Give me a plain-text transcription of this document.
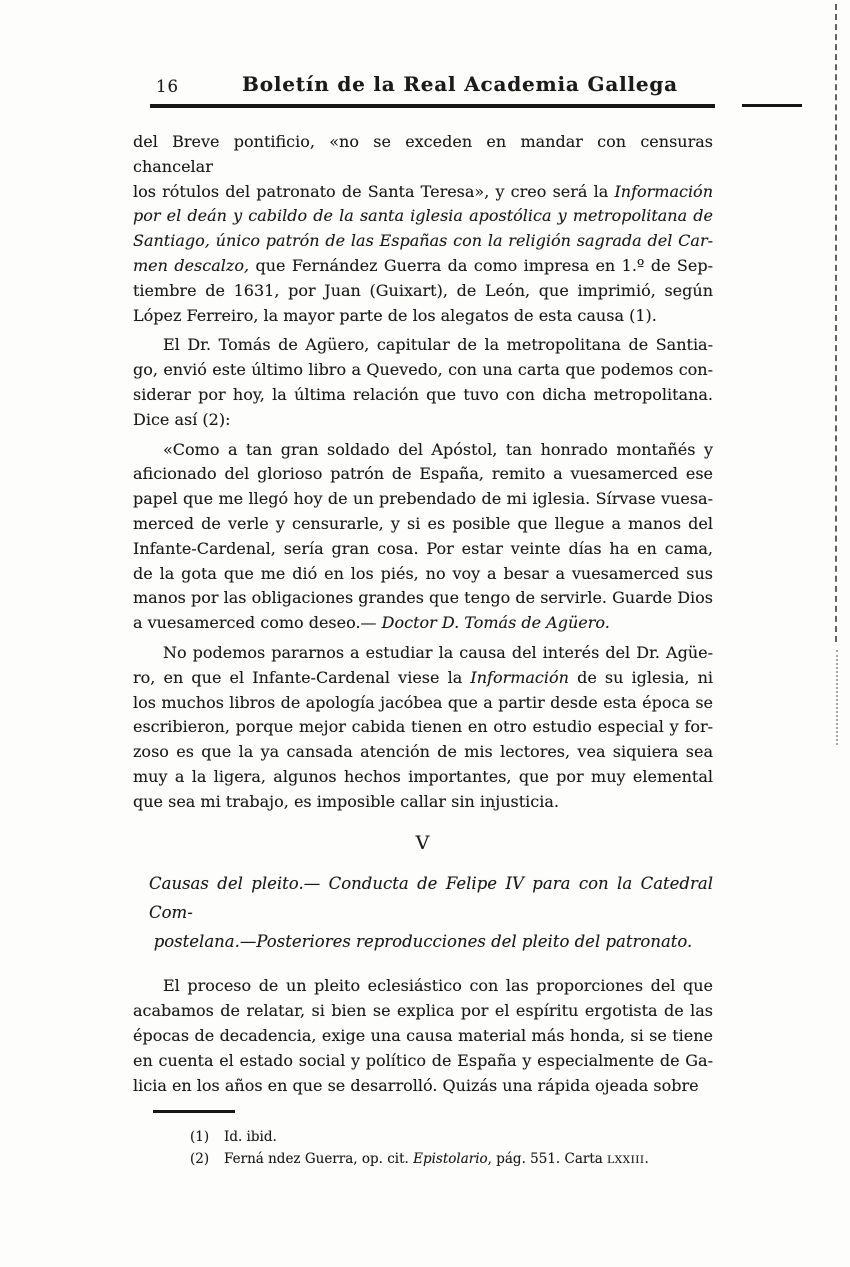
16	Boletín de la Real Academia Gallega
del Breve pontificio, «no se exceden en mandar con censuras chancelar
los rótulos del patronato de Santa Teresa», y creo será la Información
por el deán y cabildo de la santa iglesia apostólica y metropolitana de
Santiago, único patrón de las Españas con la religión sagrada del Car-
men descalzo, que Fernández Guerra da como impresa en 1.º de Sep-
tiembre de 1631, por Juan (Guixart), de León, que imprimió, según
López Ferreiro, la mayor parte de los alegatos de esta causa (1).
El Dr. Tomás de Agüero, capitular de la metropolitana de Santia-
go, envió este último libro a Quevedo, con una carta que podemos con-
siderar por hoy, la última relación que tuvo con dicha metropolitana.
Dice así (2):
«Como a tan gran soldado del Apóstol, tan honrado montañés y
aficionado del glorioso patrón de España, remito a vuesamerced ese
papel que me llegó hoy de un prebendado de mi iglesia. Sírvase vuesa-
merced de verle y censurarle, y si es posible que llegue a manos del
Infante-Cardenal, sería gran cosa. Por estar veinte días ha en cama,
de la gota que me dió en los piés, no voy a besar a vuesamerced sus
manos por las obligaciones grandes que tengo de servirle. Guarde Dios
a vuesamerced como deseo.— Doctor D. Tomás de Agüero.
No podemos pararnos a estudiar la causa del interés del Dr. Agüe-
ro, en que el Infante-Cardenal viese la Información de su iglesia, ni
los muchos libros de apología jacóbea que a partir desde esta época se
escribieron, porque mejor cabida tienen en otro estudio especial y for-
zoso es que la ya cansada atención de mis lectores, vea siquiera sea
muy a la ligera, algunos hechos importantes, que por muy elemental
que sea mi trabajo, es imposible callar sin injusticia.
V
Causas del pleito.— Conducta de Felipe IV para con la Catedral Com-
postelana.—Posteriores reproducciones del pleito del patronato.
El proceso de un pleito eclesiástico con las proporciones del que
acabamos de relatar, si bien se explica por el espíritu ergotista de las
épocas de decadencia, exige una causa material más honda, si se tiene
en cuenta el estado social y político de España y especialmente de Ga-
licia en los años en que se desarrolló. Quizás una rápida ojeada sobre
(1) Id. ibid.
(2) Ferná ndez Guerra, op. cit. Epistolario, pág. 551. Carta LXXIII.
